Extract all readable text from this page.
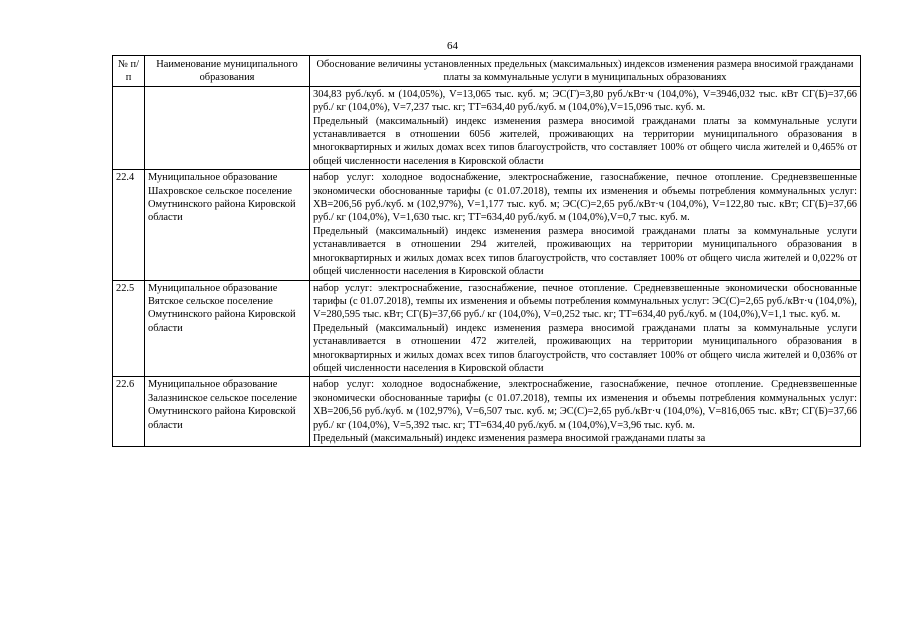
64
№ п/п	Наименование муниципального образования	Обоснование величины установленных предельных (максимальных) индексов изменения размера вносимой гражданами платы за коммунальные услуги в муниципальных образованиях

		304,83 руб./куб. м (104,05%), V=13,065 тыс. куб. м; ЭС(Г)=3,80 руб./кВт·ч (104,0%), V=3946,032 тыс. кВт СГ(Б)=37,66 руб./ кг (104,0%), V=7,237 тыс. кг; ТТ=634,40 руб./куб. м (104,0%),V=15,096 тыс. куб. м.

Предельный (максимальный) индекс изменения размера вносимой гражданами платы за коммунальные услуги устанавливается в отношении 6056 жителей, проживающих на территории муниципального образования в многоквартирных и жилых домах всех типов благоустройств, что составляет 100% от общего числа жителей и 0,465% от общей численности населения в Кировской области

22.4	Муниципальное образование Шахровское сельское поселение Омутнинского района Кировской области	набор услуг: холодное водоснабжение, электроснабжение, газоснабжение, печное отопление. Средневзвешенные экономически обоснованные тарифы (с 01.07.2018), темпы их изменения и объемы потребления коммунальных услуг: ХВ=206,56 руб./куб. м (102,97%), V=1,177 тыс. куб. м; ЭС(С)=2,65 руб./кВт·ч (104,0%), V=122,80 тыс. кВт; СГ(Б)=37,66 руб./ кг (104,0%), V=1,630 тыс. кг; ТТ=634,40 руб./куб. м (104,0%),V=0,7 тыс. куб. м.

Предельный (максимальный) индекс изменения размера вносимой гражданами платы за коммунальные услуги устанавливается в отношении 294 жителей, проживающих на территории муниципального образования в многоквартирных и жилых домах всех типов благоустройств, что составляет 100% от общего числа жителей и 0,022% от общей численности населения в Кировской области

22.5	Муниципальное образование Вятское сельское поселение Омутнинского района Кировской области	набор услуг: электроснабжение, газоснабжение, печное отопление. Средневзвешенные экономически обоснованные тарифы (с 01.07.2018), темпы их изменения и объемы потребления коммунальных услуг: ЭС(С)=2,65 руб./кВт·ч (104,0%), V=280,595 тыс. кВт; СГ(Б)=37,66 руб./ кг (104,0%), V=0,252 тыс. кг; ТТ=634,40 руб./куб. м (104,0%),V=1,1 тыс. куб. м.

Предельный (максимальный) индекс изменения размера вносимой гражданами платы за коммунальные услуги устанавливается в отношении 472 жителей, проживающих на территории муниципального образования в многоквартирных и жилых домах всех типов благоустройств, что составляет 100% от общего числа жителей и 0,036% от общей численности населения в Кировской области

22.6	Муниципальное образование Залазнинское сельское поселение Омутнинского района Кировской области	набор услуг: холодное водоснабжение, электроснабжение, газоснабжение, печное отопление. Средневзвешенные экономически обоснованные тарифы (с 01.07.2018), темпы их изменения и объемы потребления коммунальных услуг: ХВ=206,56 руб./куб. м (102,97%), V=6,507 тыс. куб. м; ЭС(С)=2,65 руб./кВт·ч (104,0%), V=816,065 тыс. кВт; СГ(Б)=37,66 руб./ кг (104,0%), V=5,392 тыс. кг; ТТ=634,40 руб./куб. м (104,0%),V=3,96 тыс. куб. м.

Предельный (максимальный) индекс изменения размера вносимой гражданами платы за
